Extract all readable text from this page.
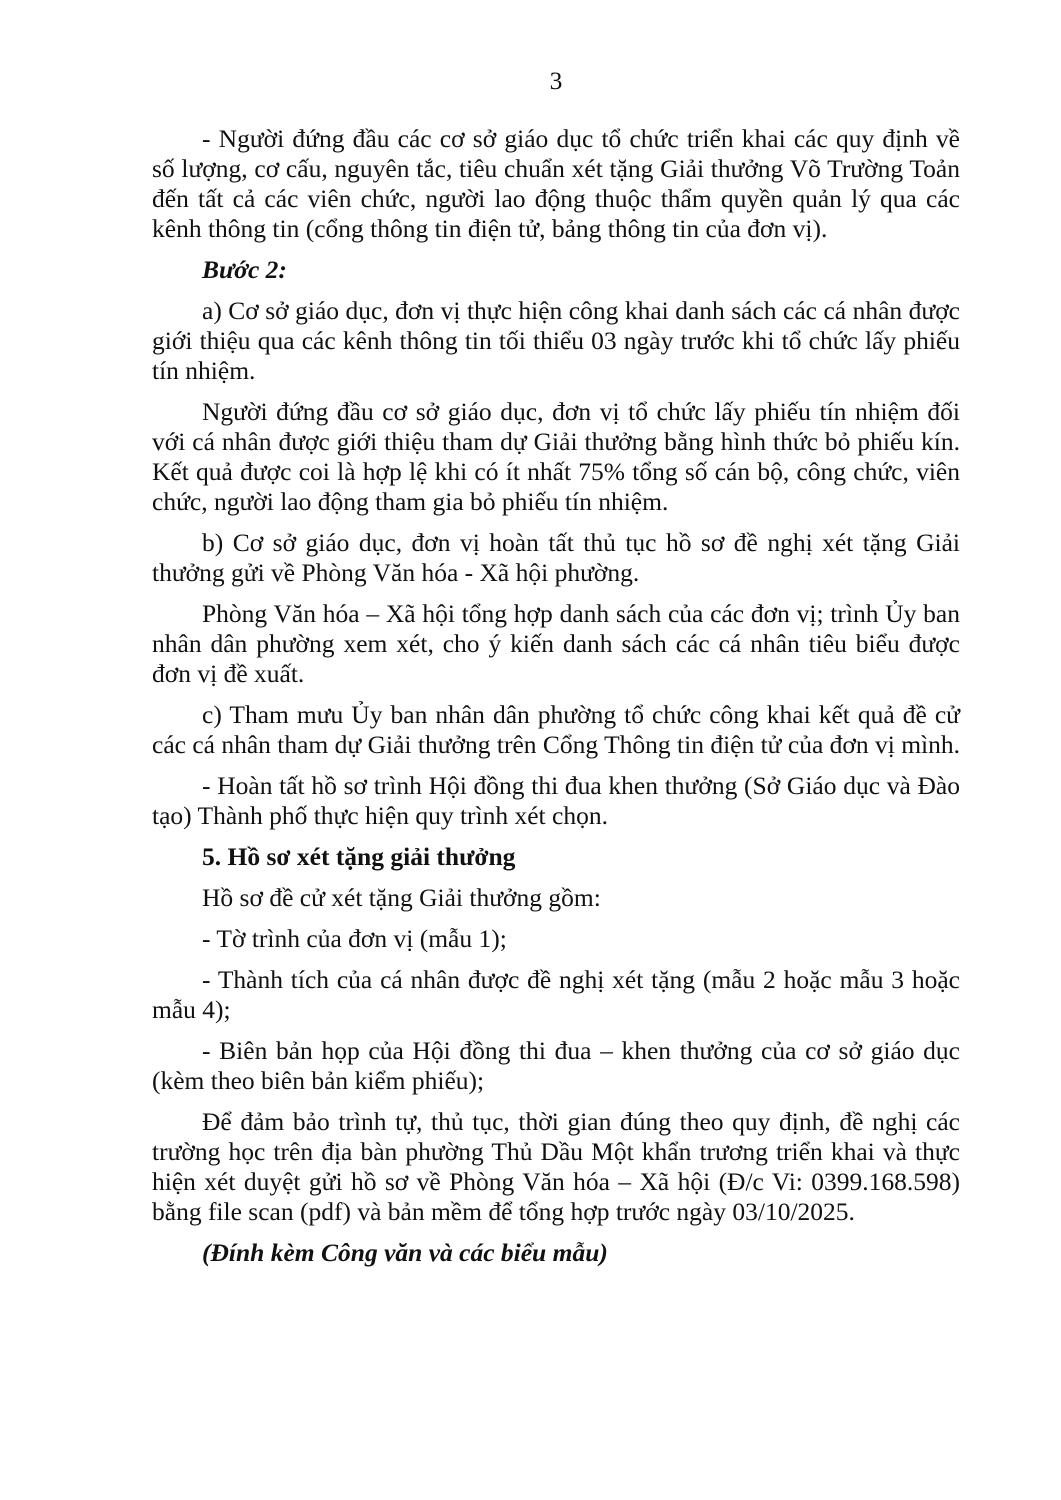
3

- Người đứng đầu các cơ sở giáo dục tổ chức triển khai các quy định về số lượng, cơ cấu, nguyên tắc, tiêu chuẩn xét tặng Giải thưởng Võ Trường Toản đến tất cả các viên chức, người lao động thuộc thẩm quyền quản lý qua các kênh thông tin (cổng thông tin điện tử, bảng thông tin của đơn vị).

Bước 2:

a) Cơ sở giáo dục, đơn vị thực hiện công khai danh sách các cá nhân được giới thiệu qua các kênh thông tin tối thiểu 03 ngày trước khi tổ chức lấy phiếu tín nhiệm.

Người đứng đầu cơ sở giáo dục, đơn vị tổ chức lấy phiếu tín nhiệm đối với cá nhân được giới thiệu tham dự Giải thưởng bằng hình thức bỏ phiếu kín. Kết quả được coi là hợp lệ khi có ít nhất 75% tổng số cán bộ, công chức, viên chức, người lao động tham gia bỏ phiếu tín nhiệm.

b) Cơ sở giáo dục, đơn vị hoàn tất thủ tục hồ sơ đề nghị xét tặng Giải thưởng gửi về Phòng Văn hóa - Xã hội phường.

Phòng Văn hóa – Xã hội tổng hợp danh sách của các đơn vị; trình Ủy ban nhân dân phường xem xét, cho ý kiến danh sách các cá nhân tiêu biểu được đơn vị đề xuất.

c) Tham mưu Ủy ban nhân dân phường tổ chức công khai kết quả đề cử các cá nhân tham dự Giải thưởng trên Cổng Thông tin điện tử của đơn vị mình.

- Hoàn tất hồ sơ trình Hội đồng thi đua khen thưởng (Sở Giáo dục và Đào tạo) Thành phố thực hiện quy trình xét chọn.

5. Hồ sơ xét tặng giải thưởng

Hồ sơ đề cử xét tặng Giải thưởng gồm:

- Tờ trình của đơn vị (mẫu 1);

- Thành tích của cá nhân được đề nghị xét tặng (mẫu 2 hoặc mẫu 3 hoặc mẫu 4);

- Biên bản họp của Hội đồng thi đua – khen thưởng của cơ sở giáo dục (kèm theo biên bản kiểm phiếu);

Để đảm bảo trình tự, thủ tục, thời gian đúng theo quy định, đề nghị các trường học trên địa bàn phường Thủ Dầu Một khẩn trương triển khai và thực hiện xét duyệt gửi hồ sơ về Phòng Văn hóa – Xã hội (Đ/c Vi: 0399.168.598) bằng file scan (pdf) và bản mềm để tổng hợp trước ngày 03/10/2025.

(Đính kèm Công văn và các biểu mẫu)
